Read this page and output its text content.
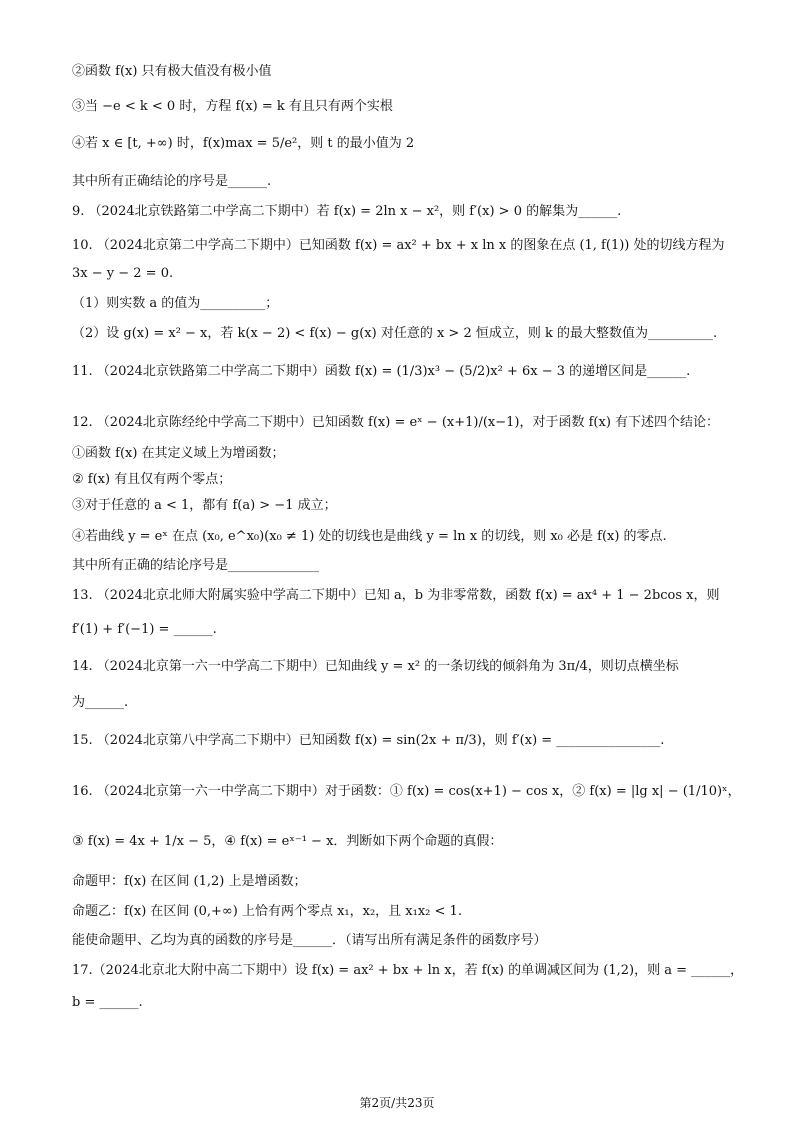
②函数 f(x) 只有极大值没有极小值
③当 −e < k < 0 时，方程 f(x) = k 有且只有两个实根
④若 x ∈ [t, +∞) 时，f(x)max = 5/e²，则 t 的最小值为 2
其中所有正确结论的序号是______.
9. （2024北京铁路第二中学高二下期中）若 f(x) = 2ln x − x²，则 f′(x) > 0 的解集为______.
10. （2024北京第二中学高二下期中）已知函数 f(x) = ax² + bx + x ln x 的图象在点 (1, f(1)) 处的切线方程为
3x − y − 2 = 0.
（1）则实数 a 的值为__________；
（2）设 g(x) = x² − x，若 k(x − 2) < f(x) − g(x) 对任意的 x > 2 恒成立，则 k 的最大整数值为__________.
11. （2024北京铁路第二中学高二下期中）函数 f(x) = (1/3)x³ − (5/2)x² + 6x − 3 的递增区间是______.
12. （2024北京陈经纶中学高二下期中）已知函数 f(x) = eˣ − (x+1)/(x−1)，对于函数 f(x) 有下述四个结论：
①函数 f(x) 在其定义域上为增函数；
② f(x) 有且仅有两个零点；
③对于任意的 a < 1，都有 f(a) > −1 成立；
④若曲线 y = eˣ 在点 (x₀, e^x₀)(x₀ ≠ 1) 处的切线也是曲线 y = ln x 的切线，则 x₀ 必是 f(x) 的零点.
其中所有正确的结论序号是______________
13. （2024北京北师大附属实验中学高二下期中）已知 a，b 为非零常数，函数 f(x) = ax⁴ + 1 − 2bcos x，则
f′(1) + f′(−1) = ______.
14. （2024北京第一六一中学高二下期中）已知曲线 y = x² 的一条切线的倾斜角为 3π/4，则切点横坐标
为______.
15. （2024北京第八中学高二下期中）已知函数 f(x) = sin(2x + π/3)，则 f′(x) = ________________.
16. （2024北京第一六一中学高二下期中）对于函数：① f(x) = cos(x+1) − cos x，② f(x) = |lg x| − (1/10)ˣ，
③ f(x) = 4x + 1/x − 5，④ f(x) = eˣ⁻¹ − x．判断如下两个命题的真假：
命题甲：f(x) 在区间 (1,2) 上是增函数；
命题乙：f(x) 在区间 (0,+∞) 上恰有两个零点 x₁，x₂，且 x₁x₂ < 1.
能使命题甲、乙均为真的函数的序号是______．（请写出所有满足条件的函数序号）
17.（2024北京北大附中高二下期中）设 f(x) = ax² + bx + ln x，若 f(x) 的单调减区间为 (1,2)，则 a = ______，
b = ______.
第2页/共23页
